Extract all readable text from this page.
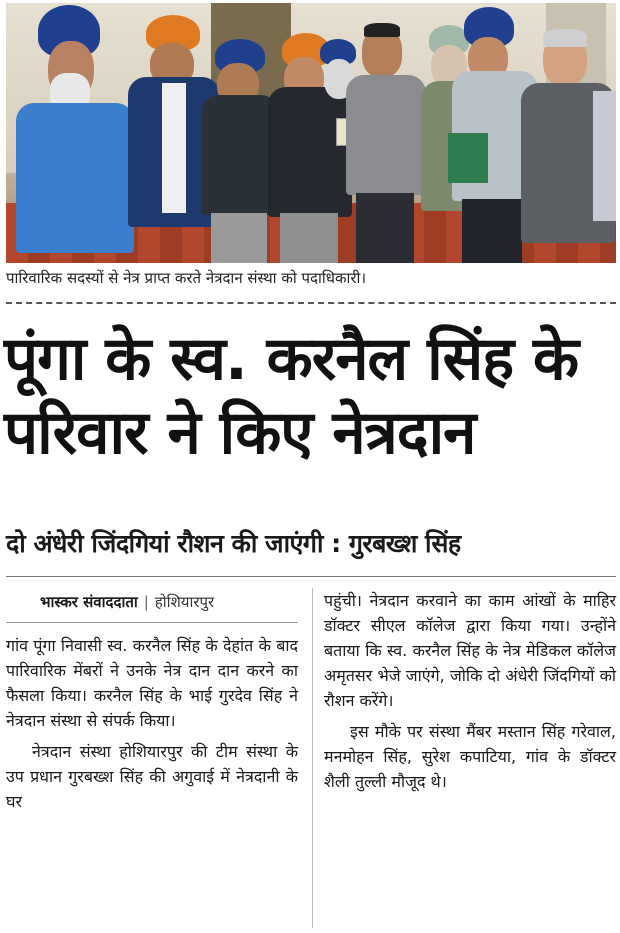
पारिवारिक सदस्यों से नेत्र प्राप्त करते नेत्रदान संस्था को पदाधिकारी।
पूंगा के स्व. करनैल सिंह के
परिवार ने किए नेत्रदान
दो अंधेरी जिंदगियां रौशन की जाएंगी : गुरबख्श सिंह
भास्कर संवाददाता | होशियारपुर

गांव पूंगा निवासी स्व. करनैल सिंह के देहांत के बाद पारिवारिक मेंबरों ने उनके नेत्र दान दान करने का फैसला किया। करनैल सिंह के भाई गुरदेव सिंह ने नेत्रदान संस्था से संपर्क किया।

नेत्रदान संस्था होशियारपुर की टीम संस्था के उप प्रधान गुरबख्श सिंह की अगुवाई में नेत्रदानी के घर

पहुंची। नेत्रदान करवाने का काम आंखों के माहिर डॉक्टर सीएल कॉलेज द्वारा किया गया। उन्होंने बताया कि स्व. करनैल सिंह के नेत्र मेडिकल कॉलेज अमृतसर भेजे जाएंगे, जोकि दो अंधेरी जिंदगियों को रौशन करेंगे।

इस मौके पर संस्था मैंबर मस्तान सिंह गरेवाल, मनमोहन सिंह, सुरेश कपाटिया, गांव के डॉक्टर शैली तुल्ली मौजूद थे।
